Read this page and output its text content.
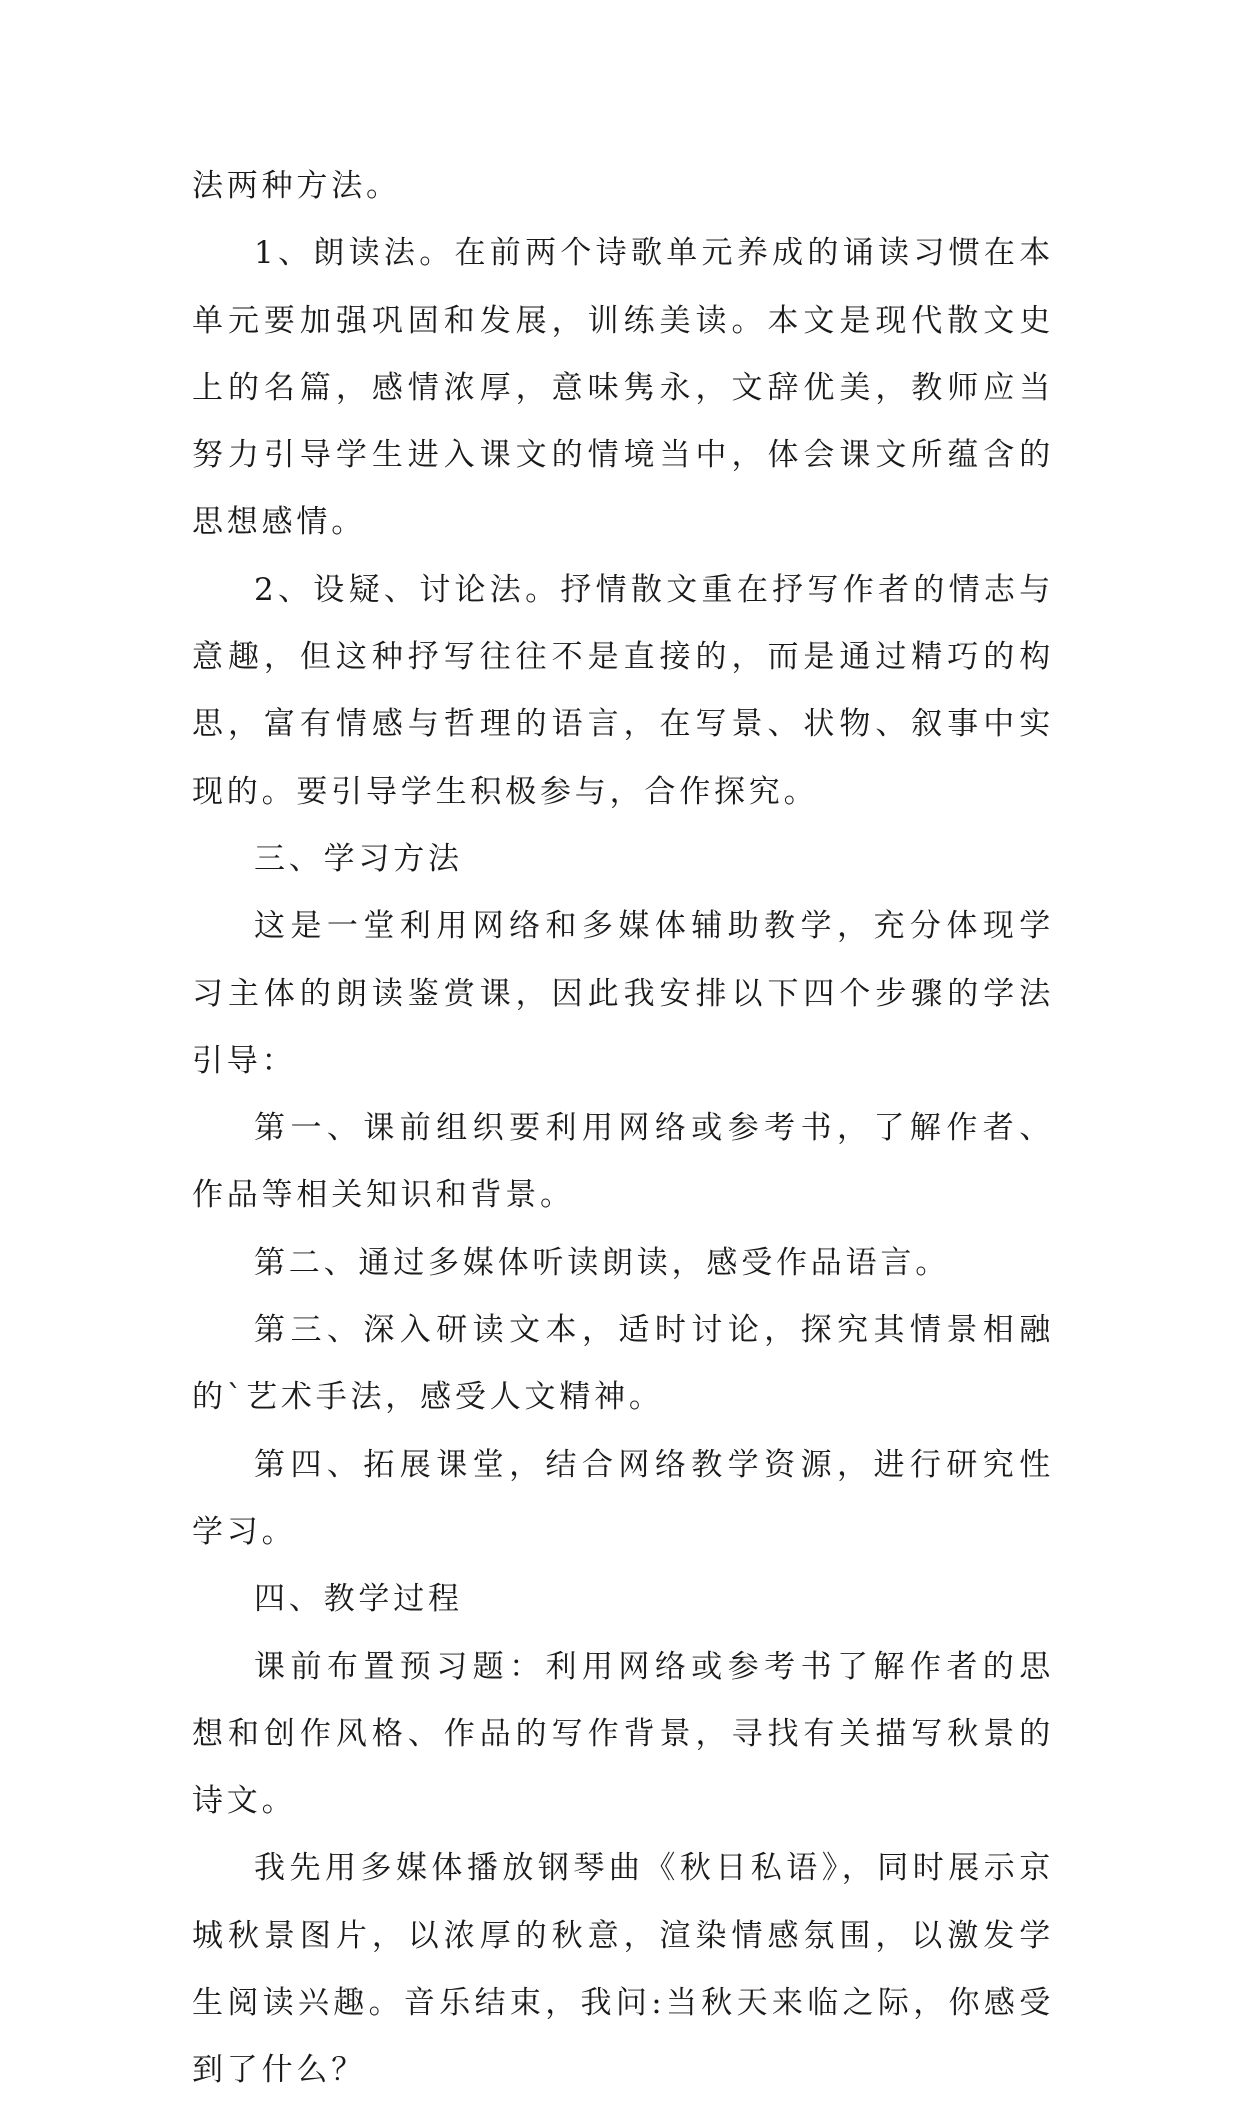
法两种方法。

1、朗读法。在前两个诗歌单元养成的诵读习惯在本单元要加强巩固和发展，训练美读。本文是现代散文史上的名篇，感情浓厚，意味隽永，文辞优美，教师应当努力引导学生进入课文的情境当中，体会课文所蕴含的思想感情。

2、设疑、讨论法。抒情散文重在抒写作者的情志与意趣，但这种抒写往往不是直接的，而是通过精巧的构思，富有情感与哲理的语言，在写景、状物、叙事中实现的。要引导学生积极参与，合作探究。

三、学习方法

这是一堂利用网络和多媒体辅助教学，充分体现学习主体的朗读鉴赏课，因此我安排以下四个步骤的学法引导：

第一、课前组织要利用网络或参考书，了解作者、作品等相关知识和背景。

第二、通过多媒体听读朗读，感受作品语言。

第三、深入研读文本，适时讨论，探究其情景相融的`艺术手法，感受人文精神。

第四、拓展课堂，结合网络教学资源，进行研究性学习。

四、教学过程

课前布置预习题：利用网络或参考书了解作者的思想和创作风格、作品的写作背景，寻找有关描写秋景的诗文。

我先用多媒体播放钢琴曲《秋日私语》，同时展示京城秋景图片，以浓厚的秋意，渲染情感氛围，以激发学生阅读兴趣。音乐结束，我问:当秋天来临之际，你感受到了什么？
